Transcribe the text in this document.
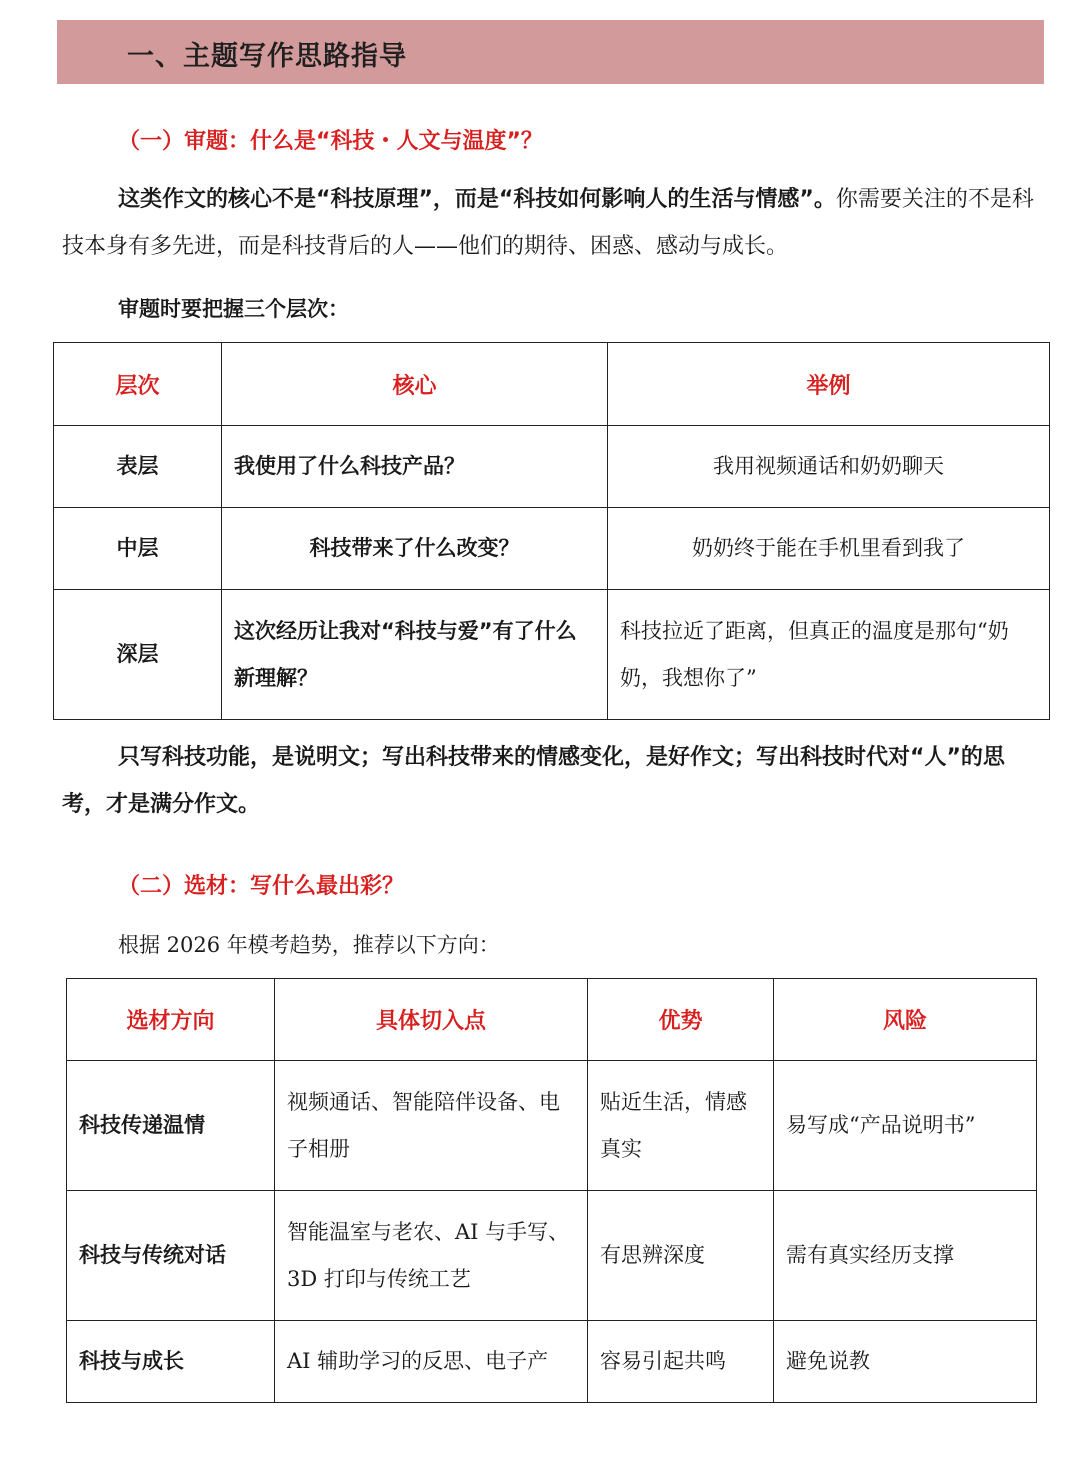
一、主题写作思路指导
（一）审题：什么是“科技・人文与温度”？
这类作文的核心不是“科技原理”，而是“科技如何影响人的生活与情感”。你需要关注的不是科技本身有多先进，而是科技背后的人——他们的期待、困惑、感动与成长。
审题时要把握三个层次：
层次	核心	举例
表层	我使用了什么科技产品？	我用视频通话和奶奶聊天
中层	科技带来了什么改变？	奶奶终于能在手机里看到我了
深层	这次经历让我对“科技与爱”有了什么新理解？	科技拉近了距离，但真正的温度是那句“奶奶，我想你了”
只写科技功能，是说明文；写出科技带来的情感变化，是好作文；写出科技时代对“人”的思考，才是满分作文。
（二）选材：写什么最出彩？
根据 2026 年模考趋势，推荐以下方向：
选材方向	具体切入点	优势	风险
科技传递温情	视频通话、智能陪伴设备、电子相册	贴近生活，情感真实	易写成“产品说明书”
科技与传统对话	智能温室与老农、AI 与手写、3D 打印与传统工艺	有思辨深度	需有真实经历支撑
科技与成长	AI 辅助学习的反思、电子产	容易引起共鸣	避免说教
